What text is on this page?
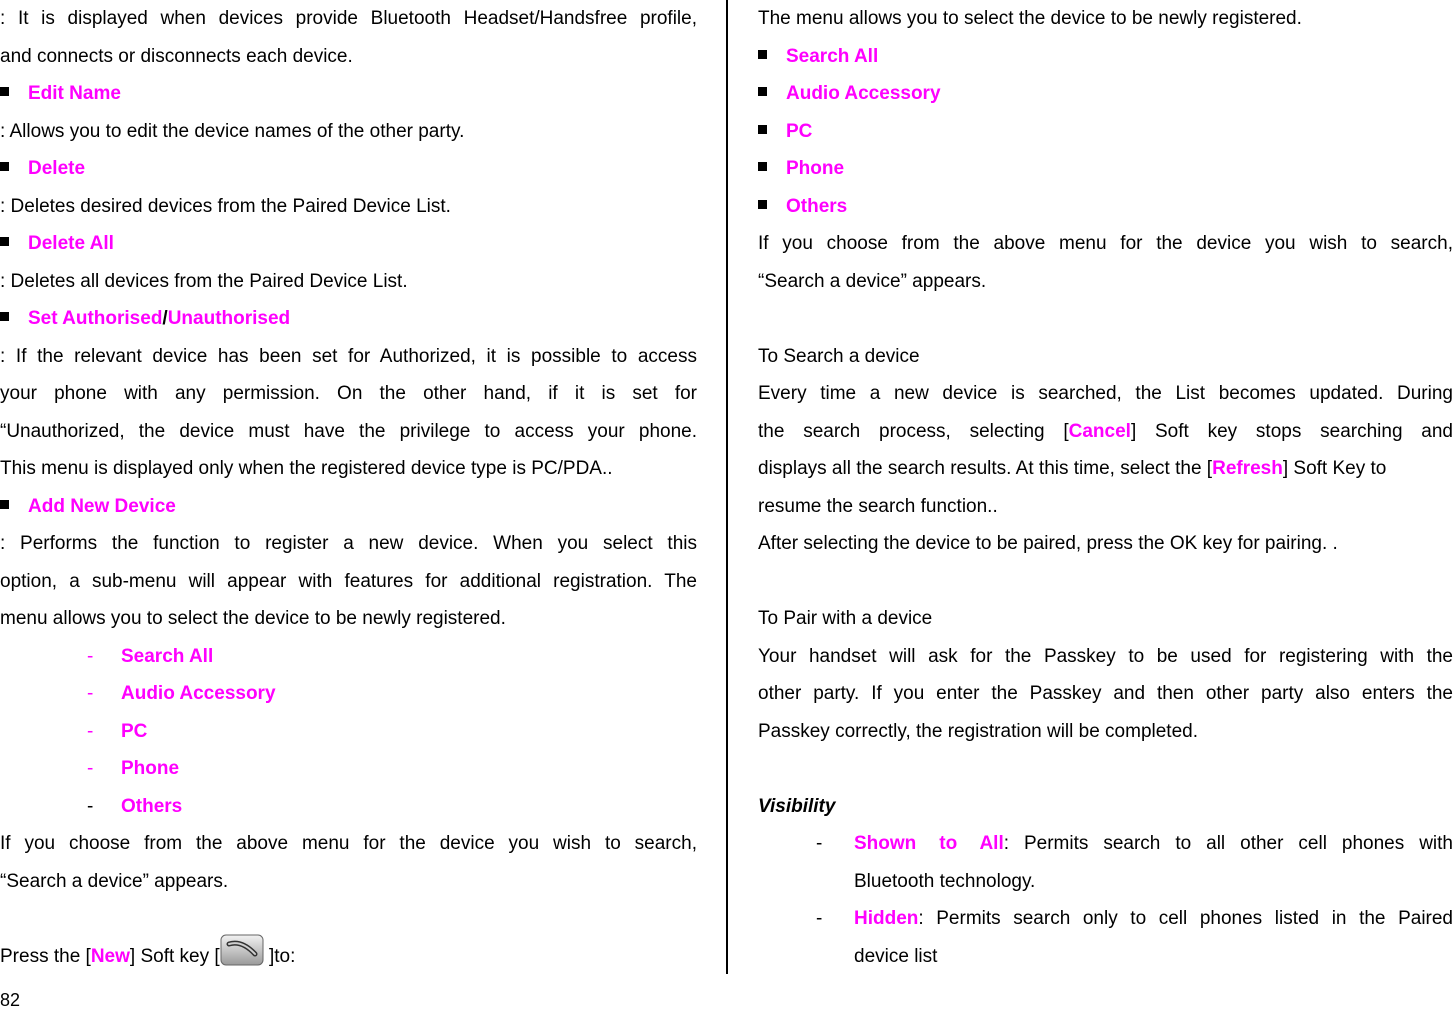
: It is displayed when devices provide Bluetooth Headset/Handsfree profile,
and connects or disconnects each device.
Edit Name
: Allows you to edit the device names of the other party.
Delete
: Deletes desired devices from the Paired Device List.
Delete All
: Deletes all devices from the Paired Device List.
Set Authorised/Unauthorised
: If the relevant device has been set for Authorized, it is possible to access
your phone with any permission. On the other hand, if it is set for
“Unauthorized, the device must have the privilege to access your phone.
This menu is displayed only when the registered device type is PC/PDA..
Add New Device
: Performs the function to register a new device. When you select this
option, a sub-menu will appear with features for additional registration. The
menu allows you to select the device to be newly registered.
- Search All
- Audio Accessory
- PC
- Phone
- Others
If you choose from the above menu for the device you wish to search,
“Search a device” appears.
Press the [New] Soft key [ ]to:
The menu allows you to select the device to be newly registered.
Search All
Audio Accessory
PC
Phone
Others
If you choose from the above menu for the device you wish to search,
“Search a device” appears.
To Search a device
Every time a new device is searched, the List becomes updated. During
the search process, selecting [Cancel] Soft key stops searching and
displays all the search results. At this time, select the [Refresh] Soft Key to
resume the search function..
After selecting the device to be paired, press the OK key for pairing. .
To Pair with a device
Your handset will ask for the Passkey to be used for registering with the
other party. If you enter the Passkey and then other party also enters the
Passkey correctly, the registration will be completed.
Visibility
- Shown to All: Permits search to all other cell phones with
Bluetooth technology.
- Hidden: Permits search only to cell phones listed in the Paired
device list
82
